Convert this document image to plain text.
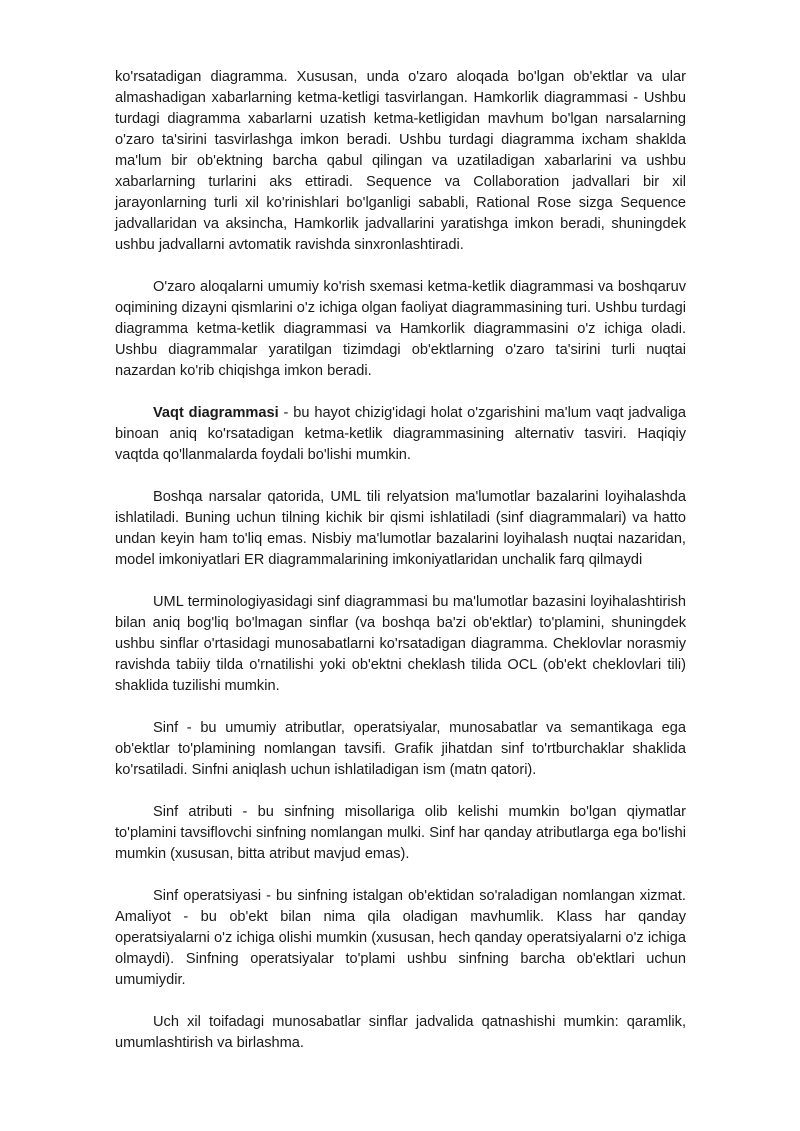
ko'rsatadigan diagramma. Xususan, unda o'zaro aloqada bo'lgan ob'ektlar va ular almashadigan xabarlarning ketma-ketligi tasvirlangan. Hamkorlik diagrammasi - Ushbu turdagi diagramma xabarlarni uzatish ketma-ketligidan mavhum bo'lgan narsalarning o'zaro ta'sirini tasvirlashga imkon beradi. Ushbu turdagi diagramma ixcham shaklda ma'lum bir ob'ektning barcha qabul qilingan va uzatiladigan xabarlarini va ushbu xabarlarning turlarini aks ettiradi. Sequence va Collaboration jadvallari bir xil jarayonlarning turli xil ko'rinishlari bo'lganligi sababli, Rational Rose sizga Sequence jadvallaridan va aksincha, Hamkorlik jadvallarini yaratishga imkon beradi, shuningdek ushbu jadvallarni avtomatik ravishda sinxronlashtiradi.

O'zaro aloqalarni umumiy ko'rish sxemasi ketma-ketlik diagrammasi va boshqaruv oqimining dizayni qismlarini o'z ichiga olgan faoliyat diagrammasining turi. Ushbu turdagi diagramma ketma-ketlik diagrammasi va Hamkorlik diagrammasini o'z ichiga oladi. Ushbu diagrammalar yaratilgan tizimdagi ob'ektlarning o'zaro ta'sirini turli nuqtai nazardan ko'rib chiqishga imkon beradi.

Vaqt diagrammasi - bu hayot chizig'idagi holat o'zgarishini ma'lum vaqt jadvaliga binoan aniq ko'rsatadigan ketma-ketlik diagrammasining alternativ tasviri. Haqiqiy vaqtda qo'llanmalarda foydali bo'lishi mumkin.

Boshqa narsalar qatorida, UML tili relyatsion ma'lumotlar bazalarini loyihalashda ishlatiladi. Buning uchun tilning kichik bir qismi ishlatiladi (sinf diagrammalari) va hatto undan keyin ham to'liq emas. Nisbiy ma'lumotlar bazalarini loyihalash nuqtai nazaridan, model imkoniyatlari ER diagrammalarining imkoniyatlaridan unchalik farq qilmaydi

UML terminologiyasidagi sinf diagrammasi bu ma'lumotlar bazasini loyihalashtirish bilan aniq bog'liq bo'lmagan sinflar (va boshqa ba'zi ob'ektlar) to'plamini, shuningdek ushbu sinflar o'rtasidagi munosabatlarni ko'rsatadigan diagramma. Cheklovlar norasmiy ravishda tabiiy tilda o'rnatilishi yoki ob'ektni cheklash tilida OCL (ob'ekt cheklovlari tili) shaklida tuzilishi mumkin.

Sinf - bu umumiy atributlar, operatsiyalar, munosabatlar va semantikaga ega ob'ektlar to'plamining nomlangan tavsifi. Grafik jihatdan sinf to'rtburchaklar shaklida ko'rsatiladi. Sinfni aniqlash uchun ishlatiladigan ism (matn qatori).

Sinf atributi - bu sinfning misollariga olib kelishi mumkin bo'lgan qiymatlar to'plamini tavsiflovchi sinfning nomlangan mulki. Sinf har qanday atributlarga ega bo'lishi mumkin (xususan, bitta atribut mavjud emas).

Sinf operatsiyasi - bu sinfning istalgan ob'ektidan so'raladigan nomlangan xizmat. Amaliyot - bu ob'ekt bilan nima qila oladigan mavhumlik. Klass har qanday operatsiyalarni o'z ichiga olishi mumkin (xususan, hech qanday operatsiyalarni o'z ichiga olmaydi). Sinfning operatsiyalar to'plami ushbu sinfning barcha ob'ektlari uchun umumiydir.

Uch xil toifadagi munosabatlar sinflar jadvalida qatnashishi mumkin: qaramlik, umumlashtirish va birlashma.
